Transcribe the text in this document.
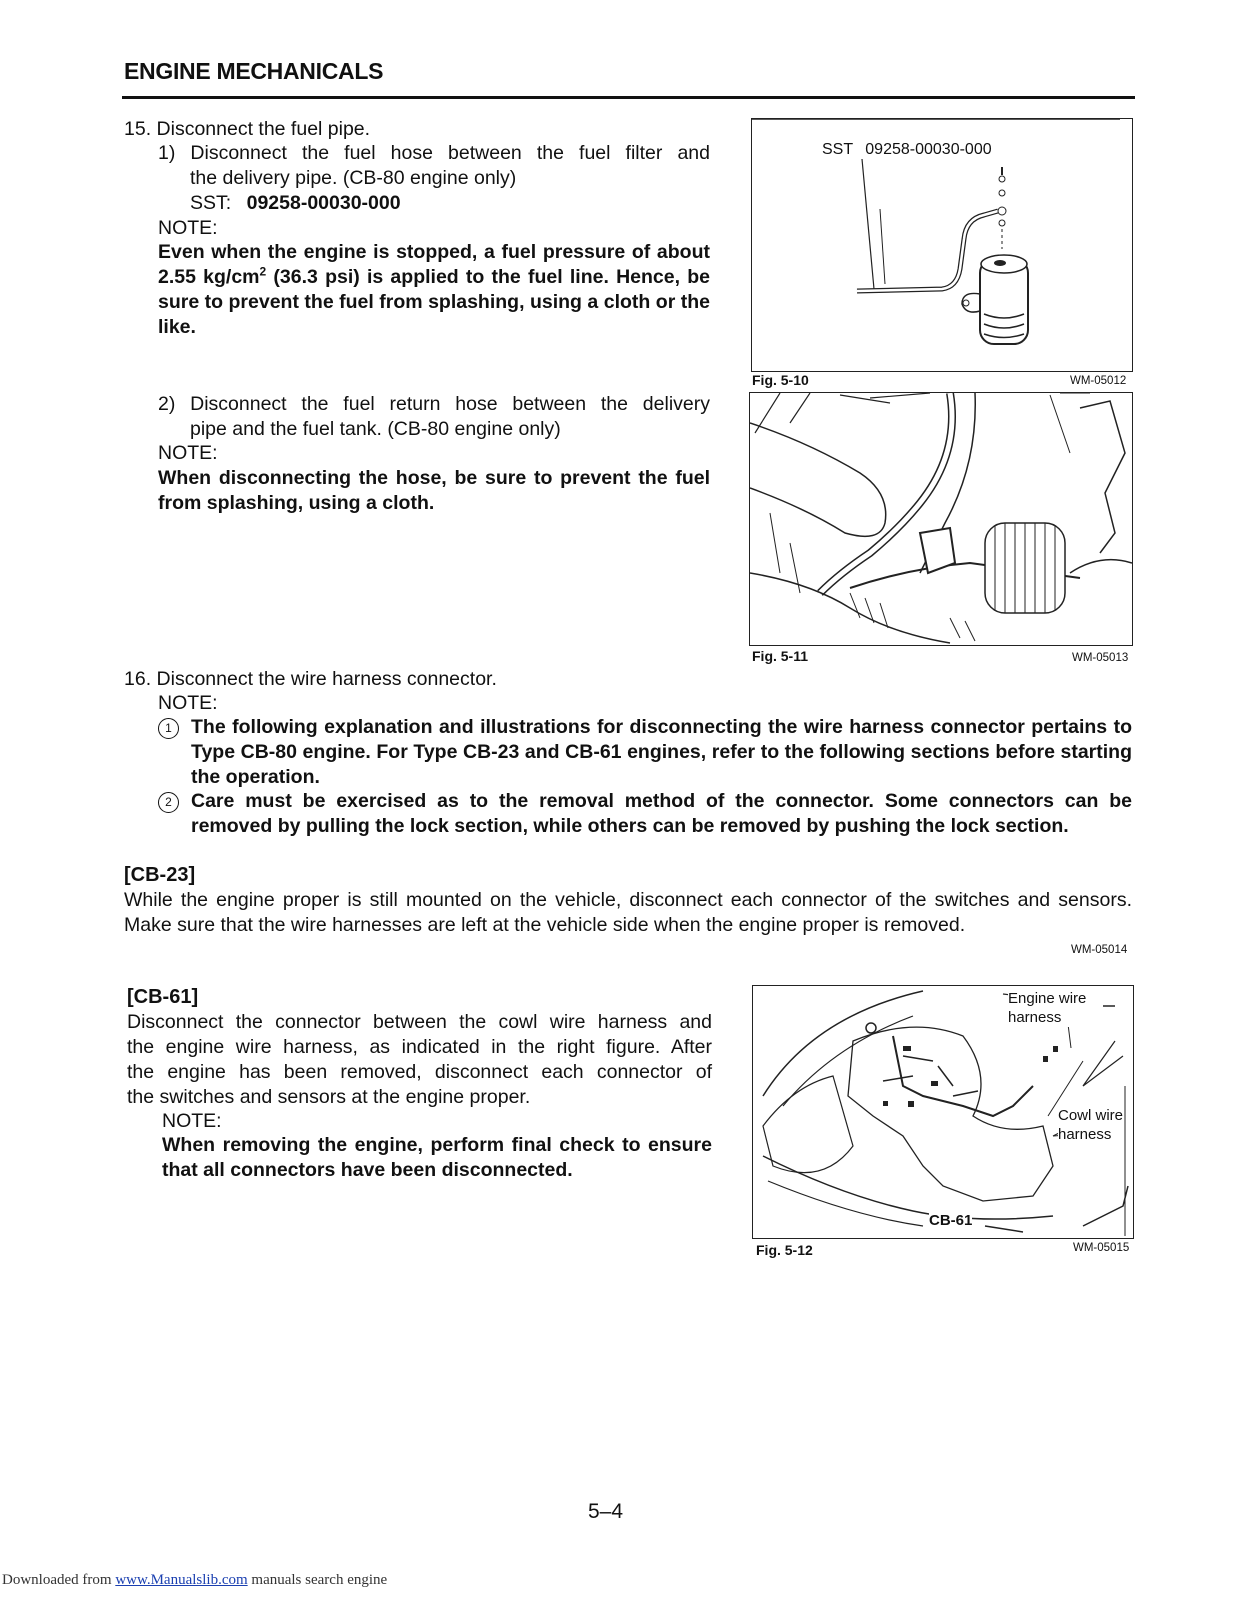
ENGINE MECHANICALS
15. Disconnect the fuel pipe.
1) Disconnect the fuel hose between the fuel filter and
the delivery pipe. (CB-80 engine only)
SST: 09258-00030-000
NOTE:
Even when the engine is stopped, a fuel pressure of about
2.55 $kg/cm^2$ (36.3 psi) is applied to the fuel line. Hence, be
sure to prevent the fuel from splashing, using a cloth or the
like.
2) Disconnect the fuel return hose between the delivery
pipe and the fuel tank. (CB-80 engine only)
NOTE:
When disconnecting the hose, be sure to prevent the fuel
from splashing, using a cloth.
SST 09258-00030-000
Fig. 5-10	WM-05012
Fig. 5-11	WM-05013
16. Disconnect the wire harness connector.
NOTE:
1 The following explanation and illustrations for disconnecting the wire harness connector pertains to Type CB-80 engine. For Type CB-23 and CB-61 engines, refer to the following sections before starting the operation.
2 Care must be exercised as to the removal method of the connector. Some connectors can be removed by pulling the lock section, while others can be removed by pushing the lock section.
[CB-23]
While the engine proper is still mounted on the vehicle, disconnect each connector of the switches and sensors. Make sure that the wire harnesses are left at the vehicle side when the engine proper is removed.
WM-05014
[CB-61]
Disconnect the connector between the cowl wire harness and
the engine wire harness, as indicated in the right figure. After
the engine has been removed, disconnect each connector of
the switches and sensors at the engine proper.
NOTE:
When removing the engine, perform final check to ensure
that all connectors have been disconnected.
Engine wire
harness
Cowl wire
harness
CB-61
Fig. 5-12	WM-05015
5–4
Downloaded from www.Manualslib.com manuals search engine
